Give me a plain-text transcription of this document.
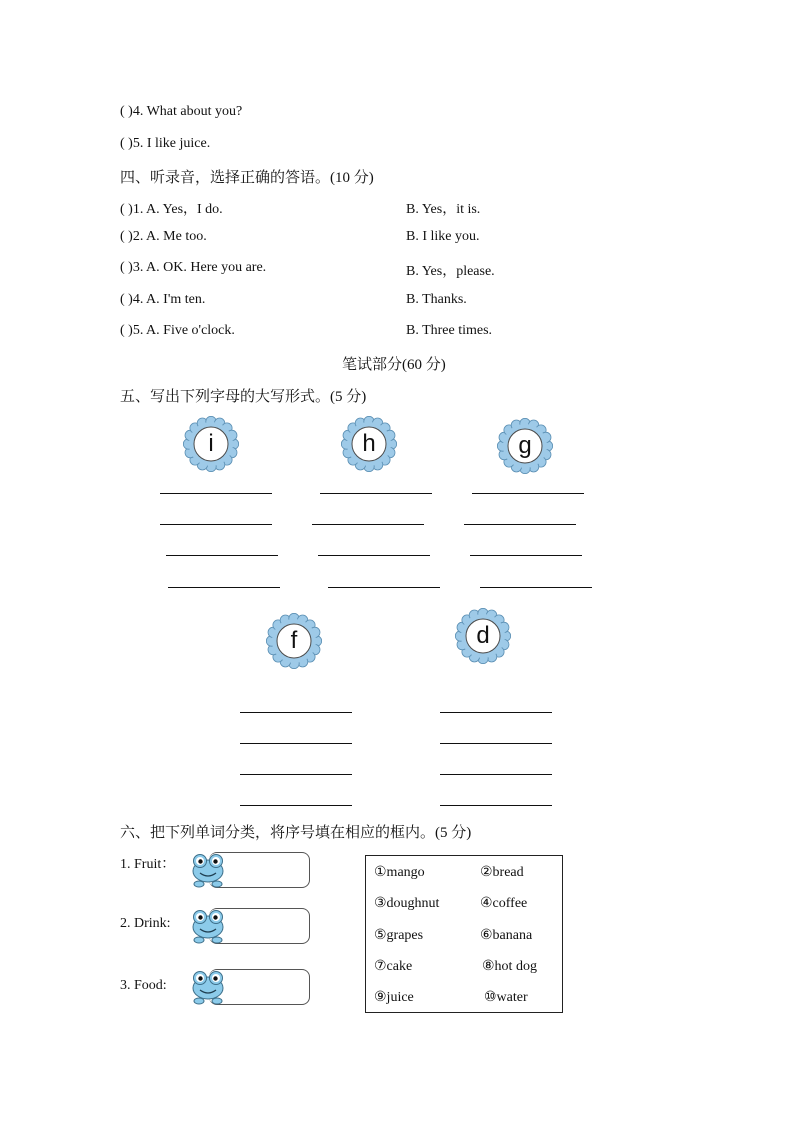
( )4. What about you?
( )5. I like juice.
四、听录音，选择正确的答语。(10 分)
( )1. A. Yes，I do.	B. Yes，it is.
( )2. A. Me too.	B. I like you.
( )3. A. OK. Here you are.	B. Yes，please.
( )4. A. I'm ten.	B. Thanks.
( )5. A. Five o'clock.	B. Three times.
笔试部分(60 分)
五、写出下列字母的大写形式。(5 分)
i	h	g
f	d
六、把下列单词分类，将序号填在相应的框内。(5 分)
1. Fruit：
2. Drink:
3. Food:
①mango	②bread
③doughnut	④coffee
⑤grapes	⑥banana
⑦cake	⑧hot dog
⑨juice	⑩water
